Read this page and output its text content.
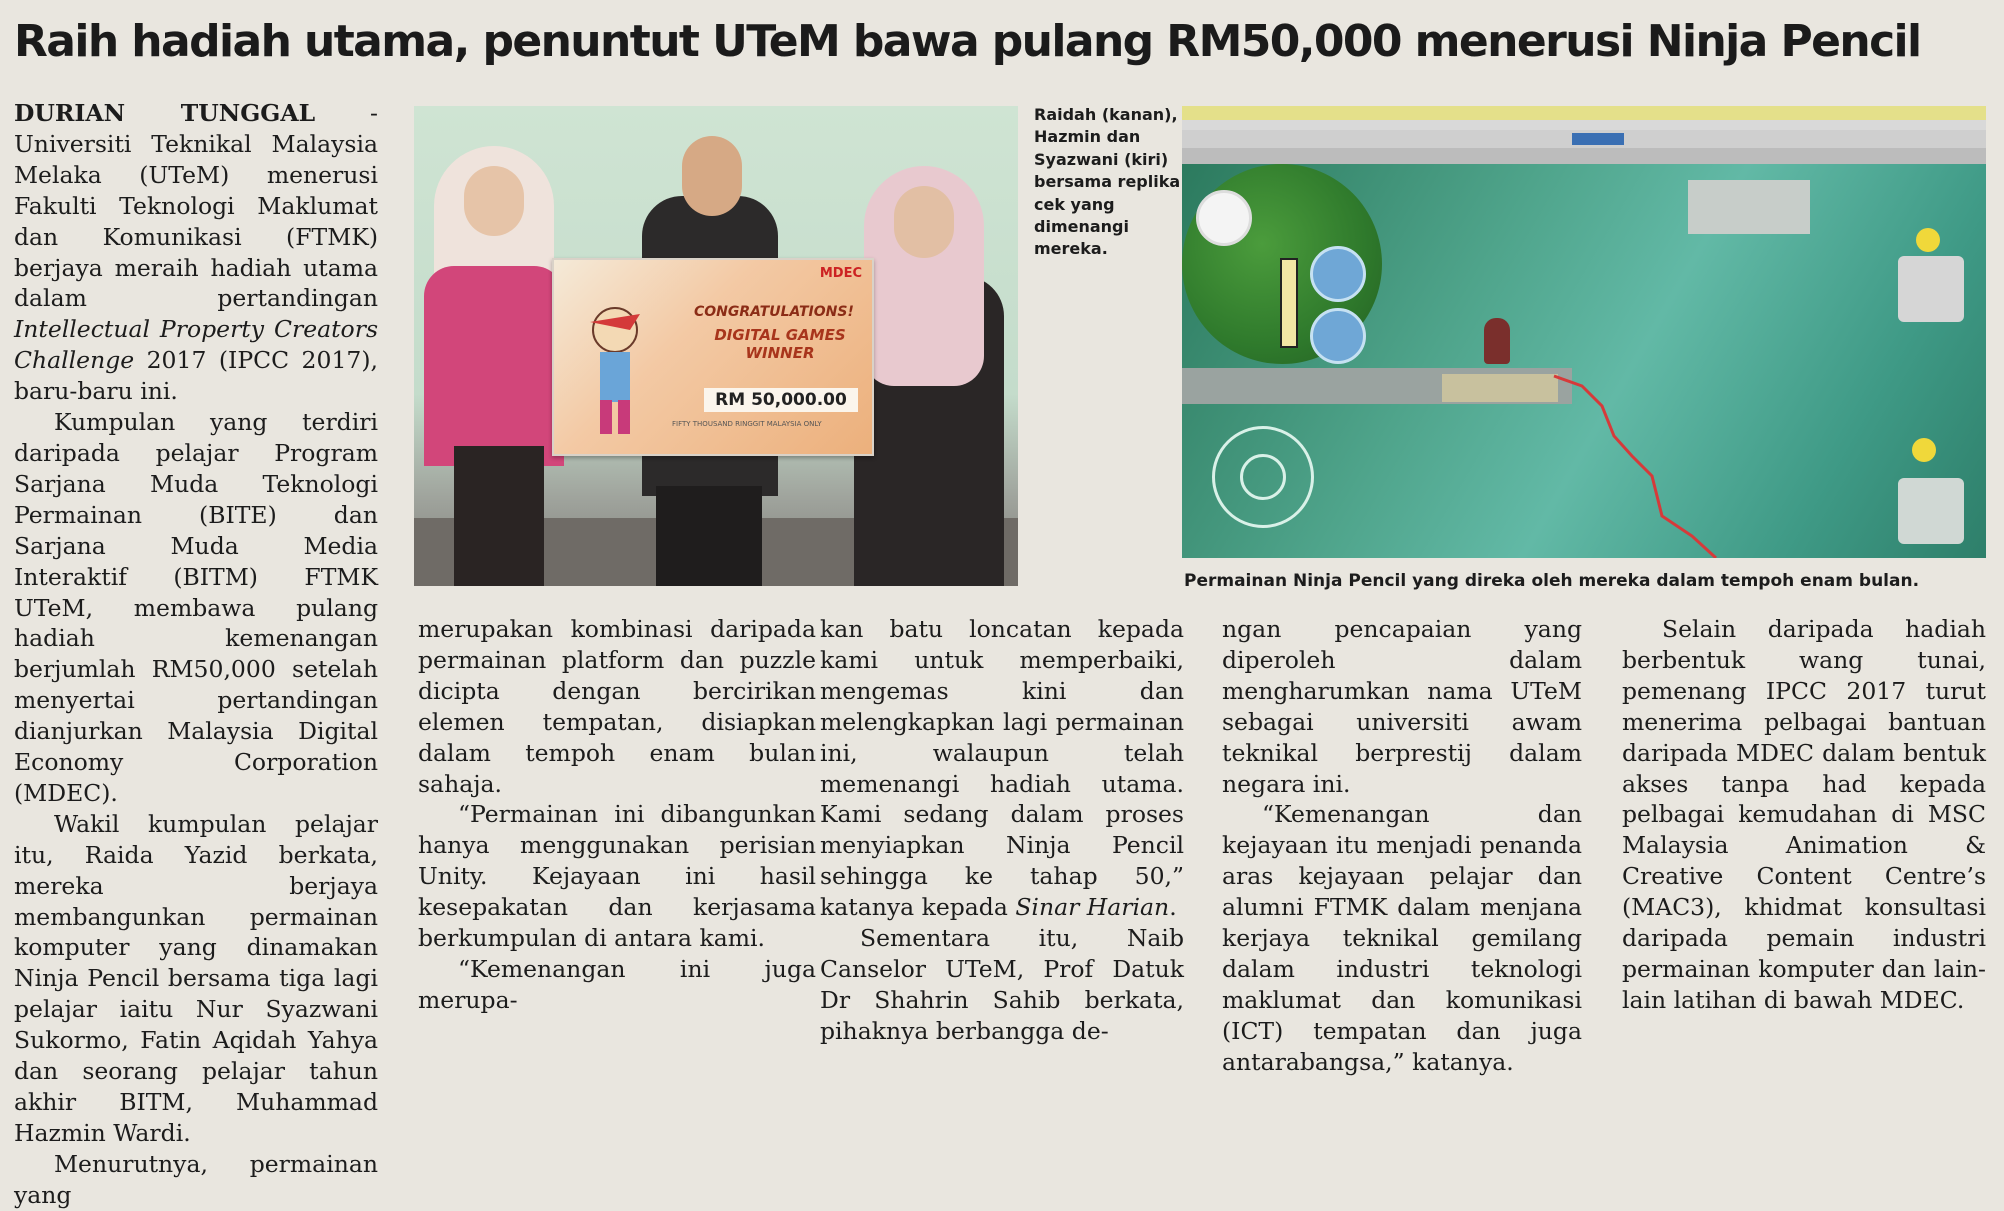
Raih hadiah utama, penuntut UTeM bawa pulang RM50,000 menerusi Ninja Pencil

DURIAN TUNGGAL - Universiti Teknikal Malaysia Melaka (UTeM) menerusi Fakulti Teknologi Maklumat dan Komunikasi (FTMK) berjaya meraih hadiah utama dalam pertandingan Intellectual Property Creators Challenge 2017 (IPCC 2017), baru-baru ini.

Kumpulan yang terdiri daripada pelajar Program Sarjana Muda Teknologi Permainan (BITE) dan Sarjana Muda Media Interaktif (BITM) FTMK UTeM, membawa pulang hadiah kemenangan berjumlah RM50,000 setelah menyertai pertandingan dianjurkan Malaysia Digital Economy Corporation (MDEC).

Wakil kumpulan pelajar itu, Raida Yazid berkata, mereka berjaya membangunkan permainan komputer yang dinamakan Ninja Pencil bersama tiga lagi pelajar iaitu Nur Syazwani Sukormo, Fatin Aqidah Yahya dan seorang pelajar tahun akhir BITM, Muhammad Hazmin Wardi.

Menurutnya, permainan yang

MDEC
CONGRATULATIONS!
DIGITAL GAMES WINNER
RM 50,000.00
FIFTY THOUSAND RINGGIT MALAYSIA ONLY
Raidah (kanan), Hazmin dan Syazwani (kiri) bersama replika cek yang dimenangi mereka.
Permainan Ninja Pencil yang direka oleh mereka dalam tempoh enam bulan.

merupakan kombinasi daripada permainan platform dan puzzle dicipta dengan bercirikan elemen tempatan, disiapkan dalam tempoh enam bulan sahaja.

“Permainan ini dibangunkan hanya menggunakan perisian Unity. Kejayaan ini hasil kesepakatan dan kerjasama berkumpulan di antara kami.

“Kemenangan ini juga merupa-

kan batu loncatan kepada kami untuk memperbaiki, mengemas kini dan melengkapkan lagi permainan ini, walaupun telah memenangi hadiah utama. Kami sedang dalam proses menyiapkan Ninja Pencil sehingga ke tahap 50,” katanya kepada Sinar Harian.

Sementara itu, Naib Canselor UTeM, Prof Datuk Dr Shahrin Sahib berkata, pihaknya berbangga de-

ngan pencapaian yang diperoleh dalam mengharumkan nama UTeM sebagai universiti awam teknikal berprestij dalam negara ini.

“Kemenangan dan kejayaan itu menjadi penanda aras kejayaan pelajar dan alumni FTMK dalam menjana kerjaya teknikal gemilang dalam industri teknologi maklumat dan komunikasi (ICT) tempatan dan juga antarabangsa,” katanya.

Selain daripada hadiah berbentuk wang tunai, pemenang IPCC 2017 turut menerima pelbagai bantuan daripada MDEC dalam bentuk akses tanpa had kepada pelbagai kemudahan di MSC Malaysia Animation & Creative Content Centre’s (MAC3), khidmat konsultasi daripada pemain industri permainan komputer dan lain-lain latihan di bawah MDEC.
